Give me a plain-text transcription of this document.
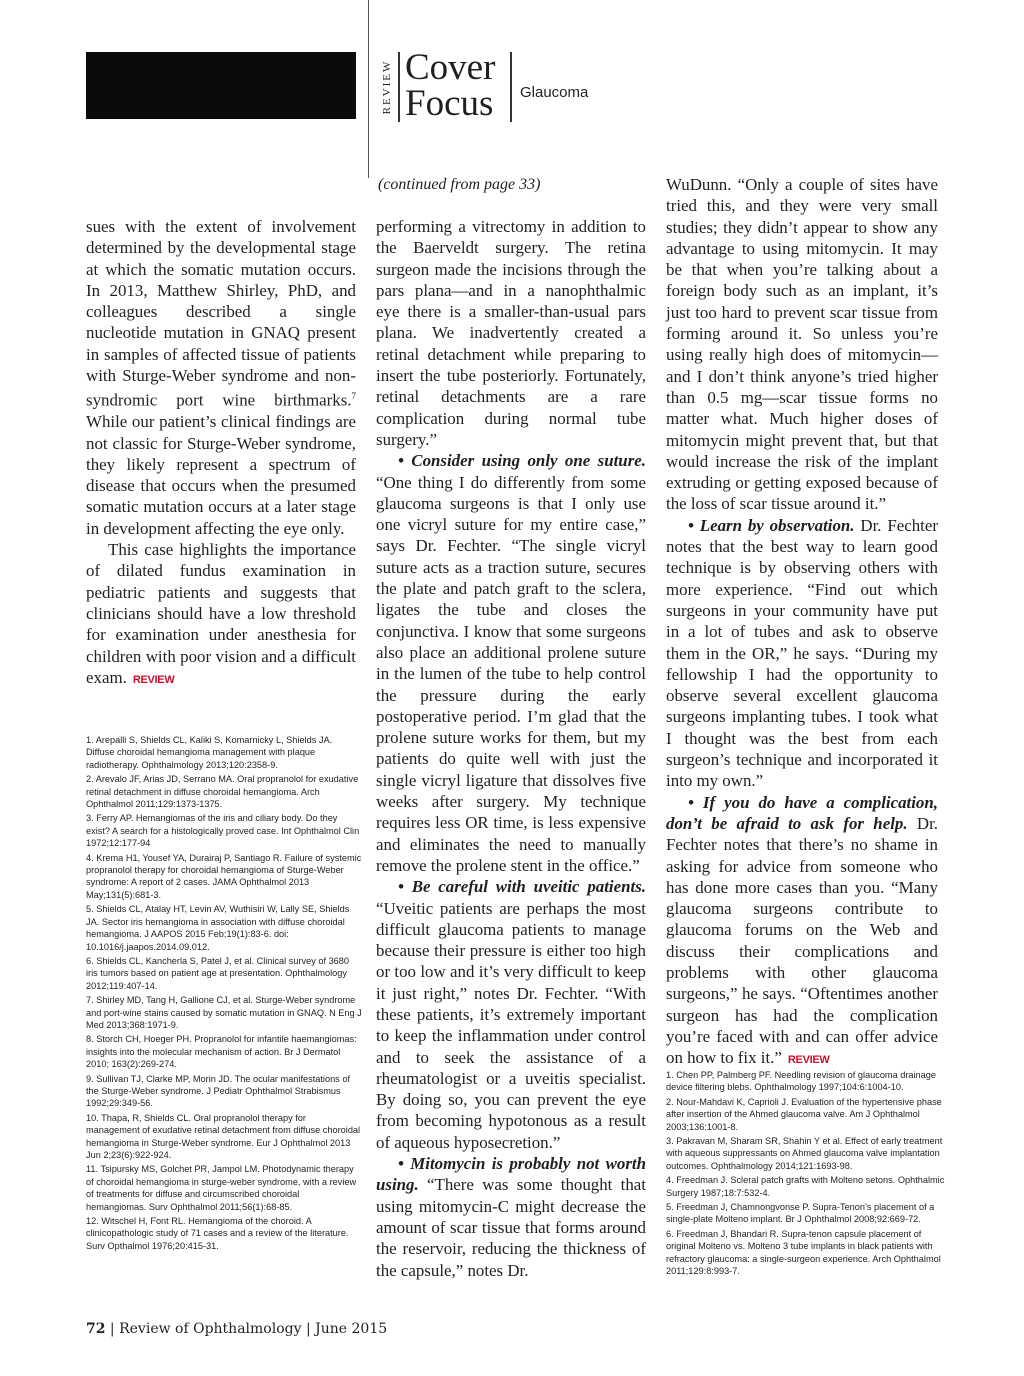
REVIEW Cover
Focus Glaucoma
(continued from page 33)

sues with the extent of involvement determined by the developmental stage at which the somatic mutation occurs. In 2013, Matthew Shirley, PhD, and colleagues described a single nucleotide mutation in GNAQ present in samples of affected tissue of patients with Sturge-Weber syndrome and non-syndromic port wine birthmarks.$^7$ While our patient’s clinical findings are not classic for Sturge-Weber syndrome, they likely represent a spectrum of disease that occurs when the presumed somatic mutation occurs at a later stage in development affecting the eye only.

This case highlights the importance of dilated fundus examination in pediatric patients and suggests that clinicians should have a low threshold for examination under anesthesia for children with poor vision and a difficult exam. REVIEW

1. Arepalli S, Shields CL, Kaliki S, Komarnicky L, Shields JA. Diffuse choroidal hemangioma management with plaque radiotherapy. Ophthalmology 2013;120:2358-9.
2. Arevalo JF, Arias JD, Serrano MA. Oral propranolol for exudative retinal detachment in diffuse choroidal hemangioma. Arch Ophthalmol 2011;129:1373-1375.
3. Ferry AP. Hemangiomas of the iris and ciliary body. Do they exist? A search for a histologically proved case. Int Ophthalmol Clin 1972;12:177-94
4. Krema H1, Yousef YA, Durairaj P, Santiago R. Failure of systemic propranolol therapy for choroidal hemangioma of Sturge-Weber syndrome: A report of 2 cases. JAMA Ophthalmol 2013 May;131(5):681-3.
5. Shields CL, Atalay HT, Levin AV, Wuthisiri W, Lally SE, Shields JA. Sector iris hemangioma in association with diffuse choroidal hemangioma. J AAPOS 2015 Feb;19(1):83-6. doi: 10.1016/j.jaapos.2014.09.012.
6. Shields CL, Kancherla S, Patel J, et al. Clinical survey of 3680 iris tumors based on patient age at presentation. Ophthalmology 2012;119:407-14.
7. Shirley MD, Tang H, Gallione CJ, et al. Sturge-Weber syndrome and port-wine stains caused by somatic mutation in GNAQ. N Eng J Med 2013;368:1971-9.
8. Storch CH, Hoeger PH. Propranolol for infantile haemangiomas: insights into the molecular mechanism of action. Br J Dermatol 2010; 163(2):269-274.
9. Sullivan TJ, Clarke MP, Morin JD. The ocular manifestations of the Sturge-Weber syndrome. J Pediatr Ophthalmol Strabismus 1992;29:349-56.
10. Thapa, R, Shields CL. Oral propranolol therapy for management of exudative retinal detachment from diffuse choroidal hemangioma in Sturge-Weber syndrome. Eur J Ophthalmol 2013 Jun 2;23(6):922-924.
11. Tsipursky MS, Golchet PR, Jampol LM. Photodynamic therapy of choroidal hemangioma in sturge-weber syndrome, with a review of treatments for diffuse and circumscribed choroidal hemangiomas. Surv Ophthalmol 2011;56(1):68-85.
12. Witschel H, Font RL. Hemangioma of the choroid. A clinicopathologic study of 71 cases and a review of the literature. Surv Opthalmol 1976;20:415-31.

performing a vitrectomy in addition to the Baerveldt surgery. The retina surgeon made the incisions through the pars plana—and in a nanophthalmic eye there is a smaller-than-usual pars plana. We inadvertently created a retinal detachment while preparing to insert the tube posteriorly. Fortunately, retinal detachments are a rare complication during normal tube surgery.”

• Consider using only one suture. “One thing I do differently from some glaucoma surgeons is that I only use one vicryl suture for my entire case,” says Dr. Fechter. “The single vicryl suture acts as a traction suture, secures the plate and patch graft to the sclera, ligates the tube and closes the conjunctiva. I know that some surgeons also place an additional prolene suture in the lumen of the tube to help control the pressure during the early postoperative period. I’m glad that the prolene suture works for them, but my patients do quite well with just the single vicryl ligature that dissolves five weeks after surgery. My technique requires less OR time, is less expensive and eliminates the need to manually remove the prolene stent in the office.”

• Be careful with uveitic patients. “Uveitic patients are perhaps the most difficult glaucoma patients to manage because their pressure is either too high or too low and it’s very difficult to keep it just right,” notes Dr. Fechter. “With these patients, it’s extremely important to keep the inflammation under control and to seek the assistance of a rheumatologist or a uveitis specialist. By doing so, you can prevent the eye from becoming hypotonous as a result of aqueous hyposecretion.”

• Mitomycin is probably not worth using. “There was some thought that using mitomycin-C might decrease the amount of scar tissue that forms around the reservoir, reducing the thickness of the capsule,” notes Dr.

WuDunn. “Only a couple of sites have tried this, and they were very small studies; they didn’t appear to show any advantage to using mitomycin. It may be that when you’re talking about a foreign body such as an implant, it’s just too hard to prevent scar tissue from forming around it. So unless you’re using really high does of mitomycin—and I don’t think anyone’s tried higher than 0.5 mg—scar tissue forms no matter what. Much higher doses of mitomycin might prevent that, but that would increase the risk of the implant extruding or getting exposed because of the loss of scar tissue around it.”

• Learn by observation. Dr. Fechter notes that the best way to learn good technique is by observing others with more experience. “Find out which surgeons in your community have put in a lot of tubes and ask to observe them in the OR,” he says. “During my fellowship I had the opportunity to observe several excellent glaucoma surgeons implanting tubes. I took what I thought was the best from each surgeon’s technique and incorporated it into my own.”

• If you do have a complication, don’t be afraid to ask for help. Dr. Fechter notes that there’s no shame in asking for advice from someone who has done more cases than you. “Many glaucoma surgeons contribute to glaucoma forums on the Web and discuss their complications and problems with other glaucoma surgeons,” he says. “Oftentimes another surgeon has had the complication you’re faced with and can offer advice on how to fix it.” REVIEW

1. Chen PP, Palmberg PF. Needling revision of glaucoma drainage device filtering blebs. Ophthalmology 1997;104:6:1004-10.
2. Nour-Mahdavi K, Caprioli J. Evaluation of the hypertensive phase after insertion of the Ahmed glaucoma valve. Am J Ophthalmol 2003;136:1001-8.
3. Pakravan M, Sharam SR, Shahin Y et al. Effect of early treatment with aqueous suppressants on Ahmed glaucoma valve implantation outcomes. Ophthalmology 2014;121:1693-98.
4. Freedman J. Scleral patch grafts with Molteno setons. Ophthalmic Surgery 1987;18:7:532-4.
5. Freedman J, Chamnongvonse P. Supra-Tenon’s placement of a single-plate Molteno implant. Br J Ophthalmol 2008;92:669-72.
6. Freedman J, Bhandari R. Supra-tenon capsule placement of original Molteno vs. Molteno 3 tube implants in black patients with refractory glaucoma: a single-surgeon experience. Arch Ophthalmol 2011;129:8:993-7.
72 | Review of Ophthalmology | June 2015
